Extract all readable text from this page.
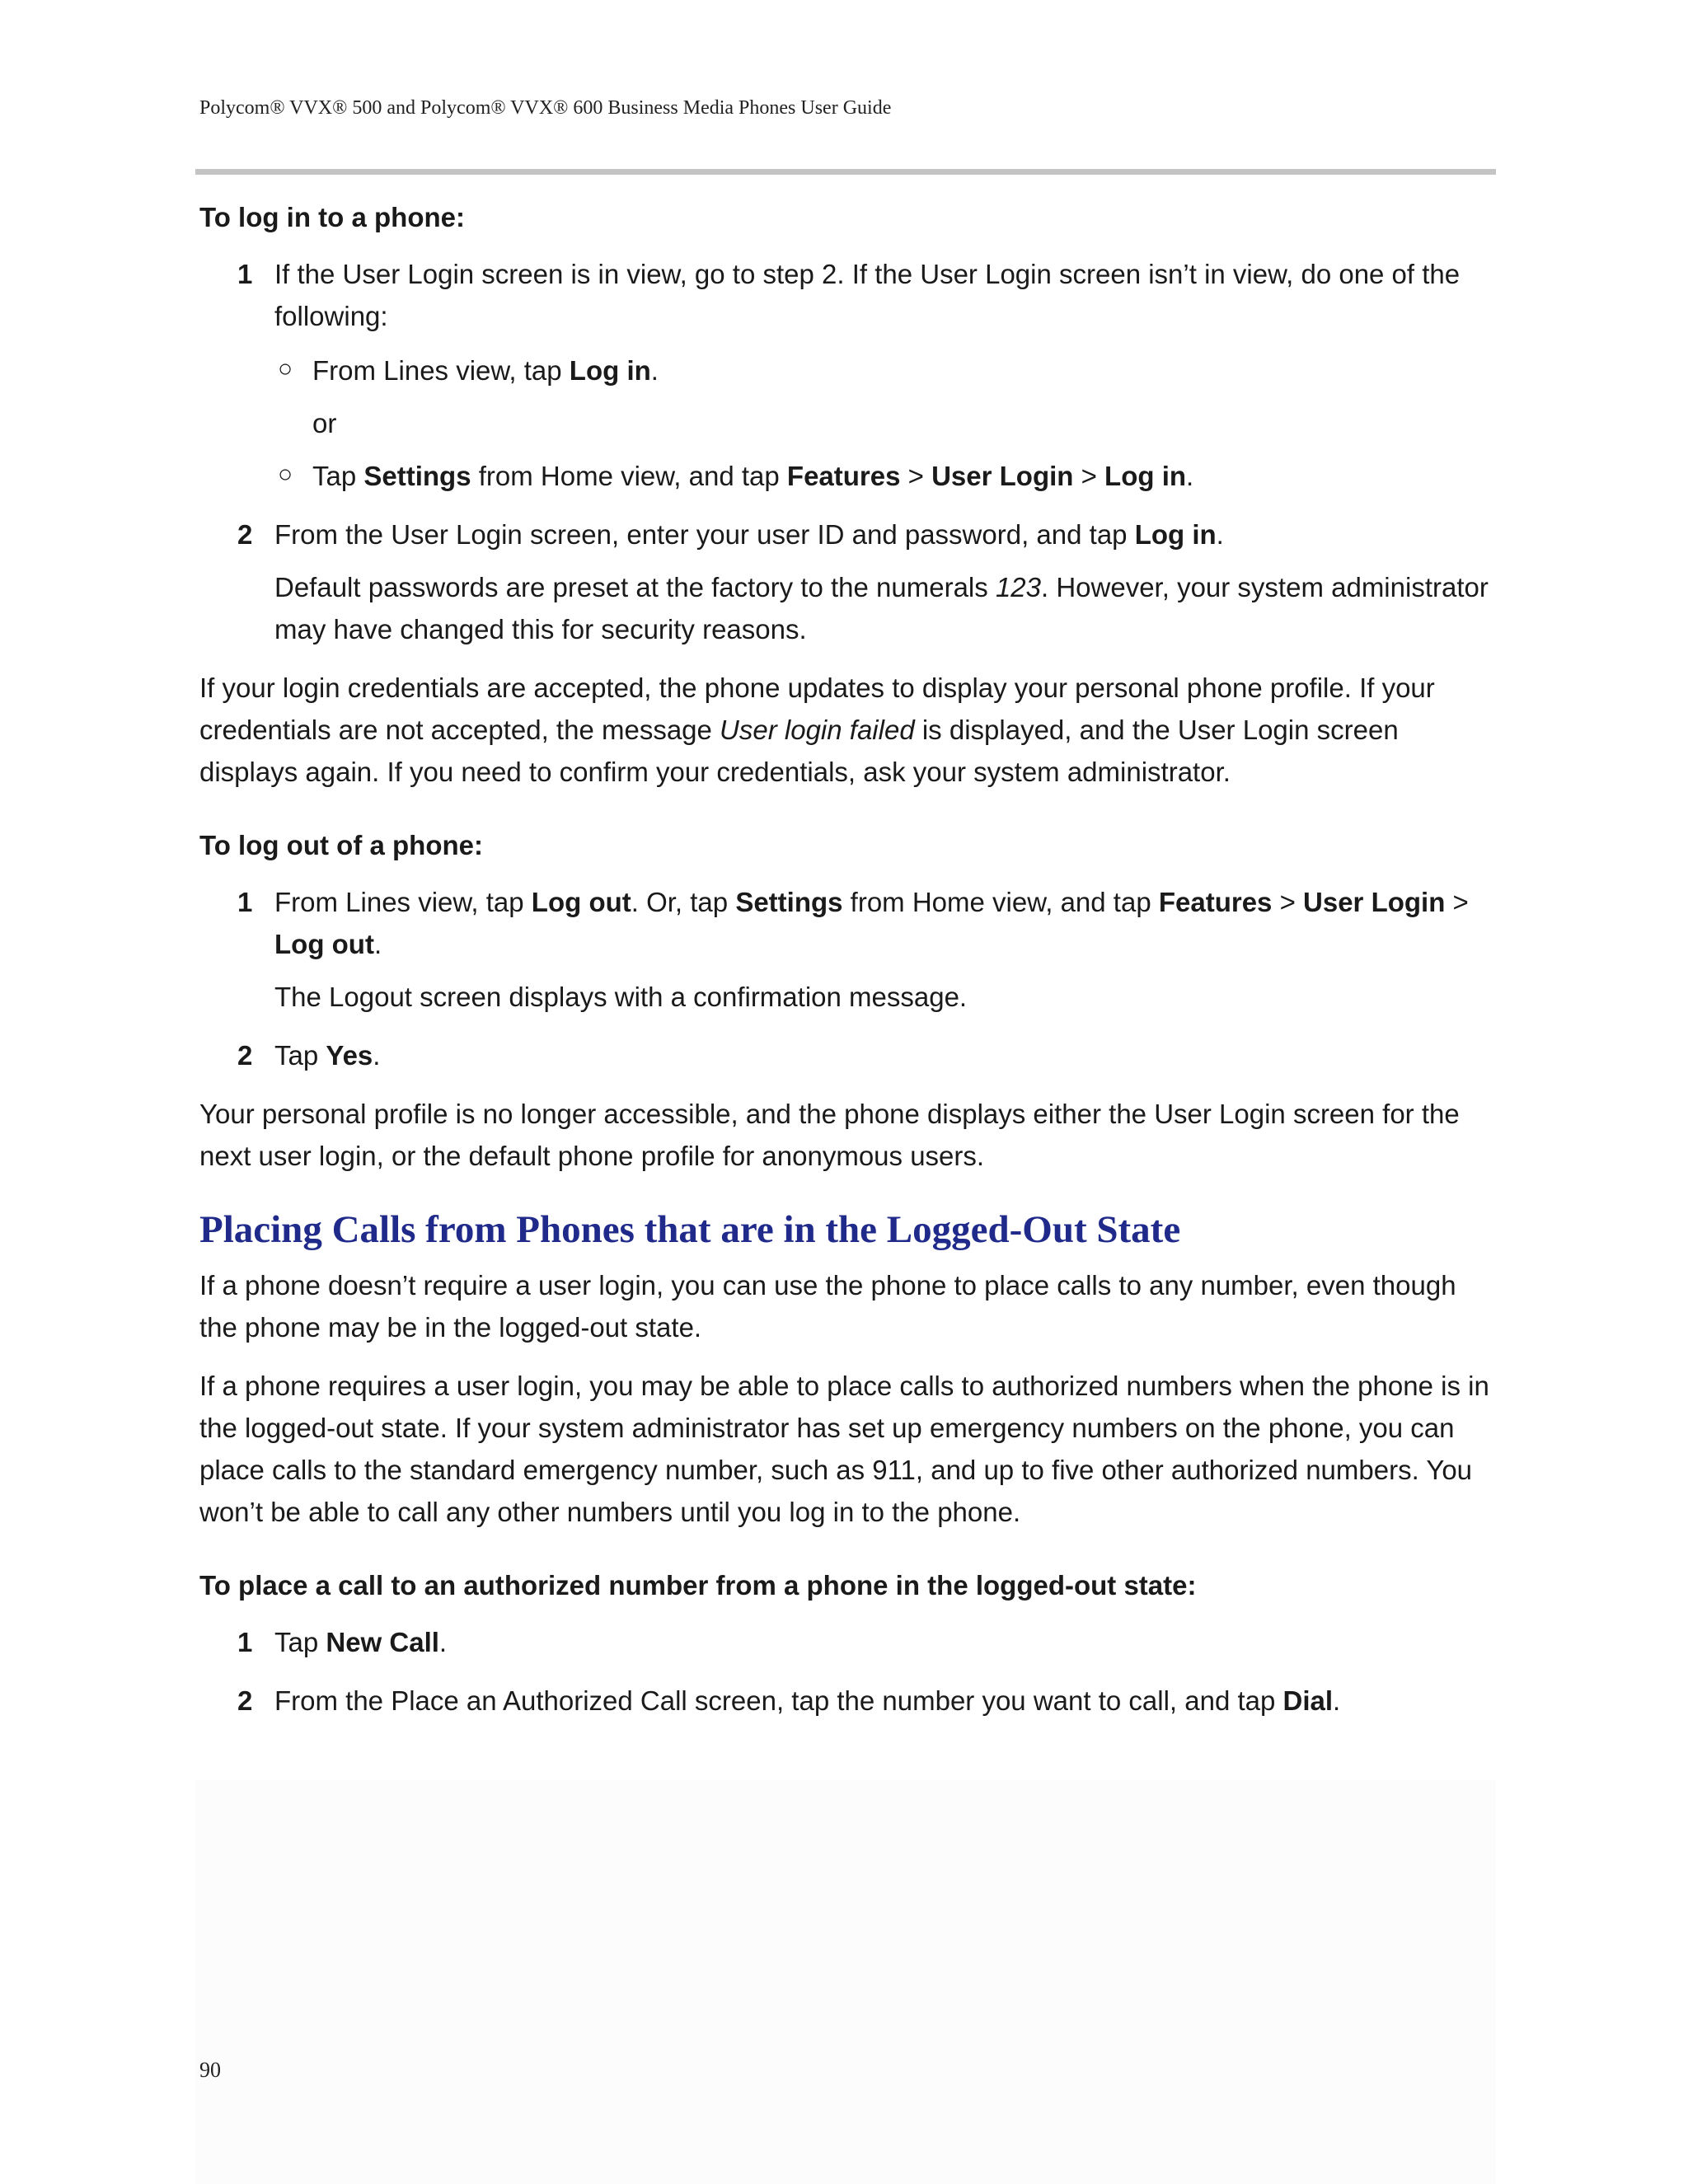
Polycom® VVX® 500 and Polycom® VVX® 600 Business Media Phones User Guide
To log in to a phone:
1 If the User Login screen is in view, go to step 2. If the User Login screen isn’t in view, do one of the following:
○ From Lines view, tap Log in.
or
○ Tap Settings from Home view, and tap Features > User Login > Log in.
2 From the User Login screen, enter your user ID and password, and tap Log in.
Default passwords are preset at the factory to the numerals 123. However, your system administrator may have changed this for security reasons.

If your login credentials are accepted, the phone updates to display your personal phone profile. If your credentials are not accepted, the message User login failed is displayed, and the User Login screen displays again. If you need to confirm your credentials, ask your system administrator.

To log out of a phone:
1 From Lines view, tap Log out. Or, tap Settings from Home view, and tap Features > User Login > Log out.
The Logout screen displays with a confirmation message.
2 Tap Yes.

Your personal profile is no longer accessible, and the phone displays either the User Login screen for the next user login, or the default phone profile for anonymous users.

Placing Calls from Phones that are in the Logged-Out State

If a phone doesn’t require a user login, you can use the phone to place calls to any number, even though the phone may be in the logged-out state.

If a phone requires a user login, you may be able to place calls to authorized numbers when the phone is in the logged-out state. If your system administrator has set up emergency numbers on the phone, you can place calls to the standard emergency number, such as 911, and up to five other authorized numbers. You won’t be able to call any other numbers until you log in to the phone.

To place a call to an authorized number from a phone in the logged-out state:
1 Tap New Call.
2 From the Place an Authorized Call screen, tap the number you want to call, and tap Dial.
90
